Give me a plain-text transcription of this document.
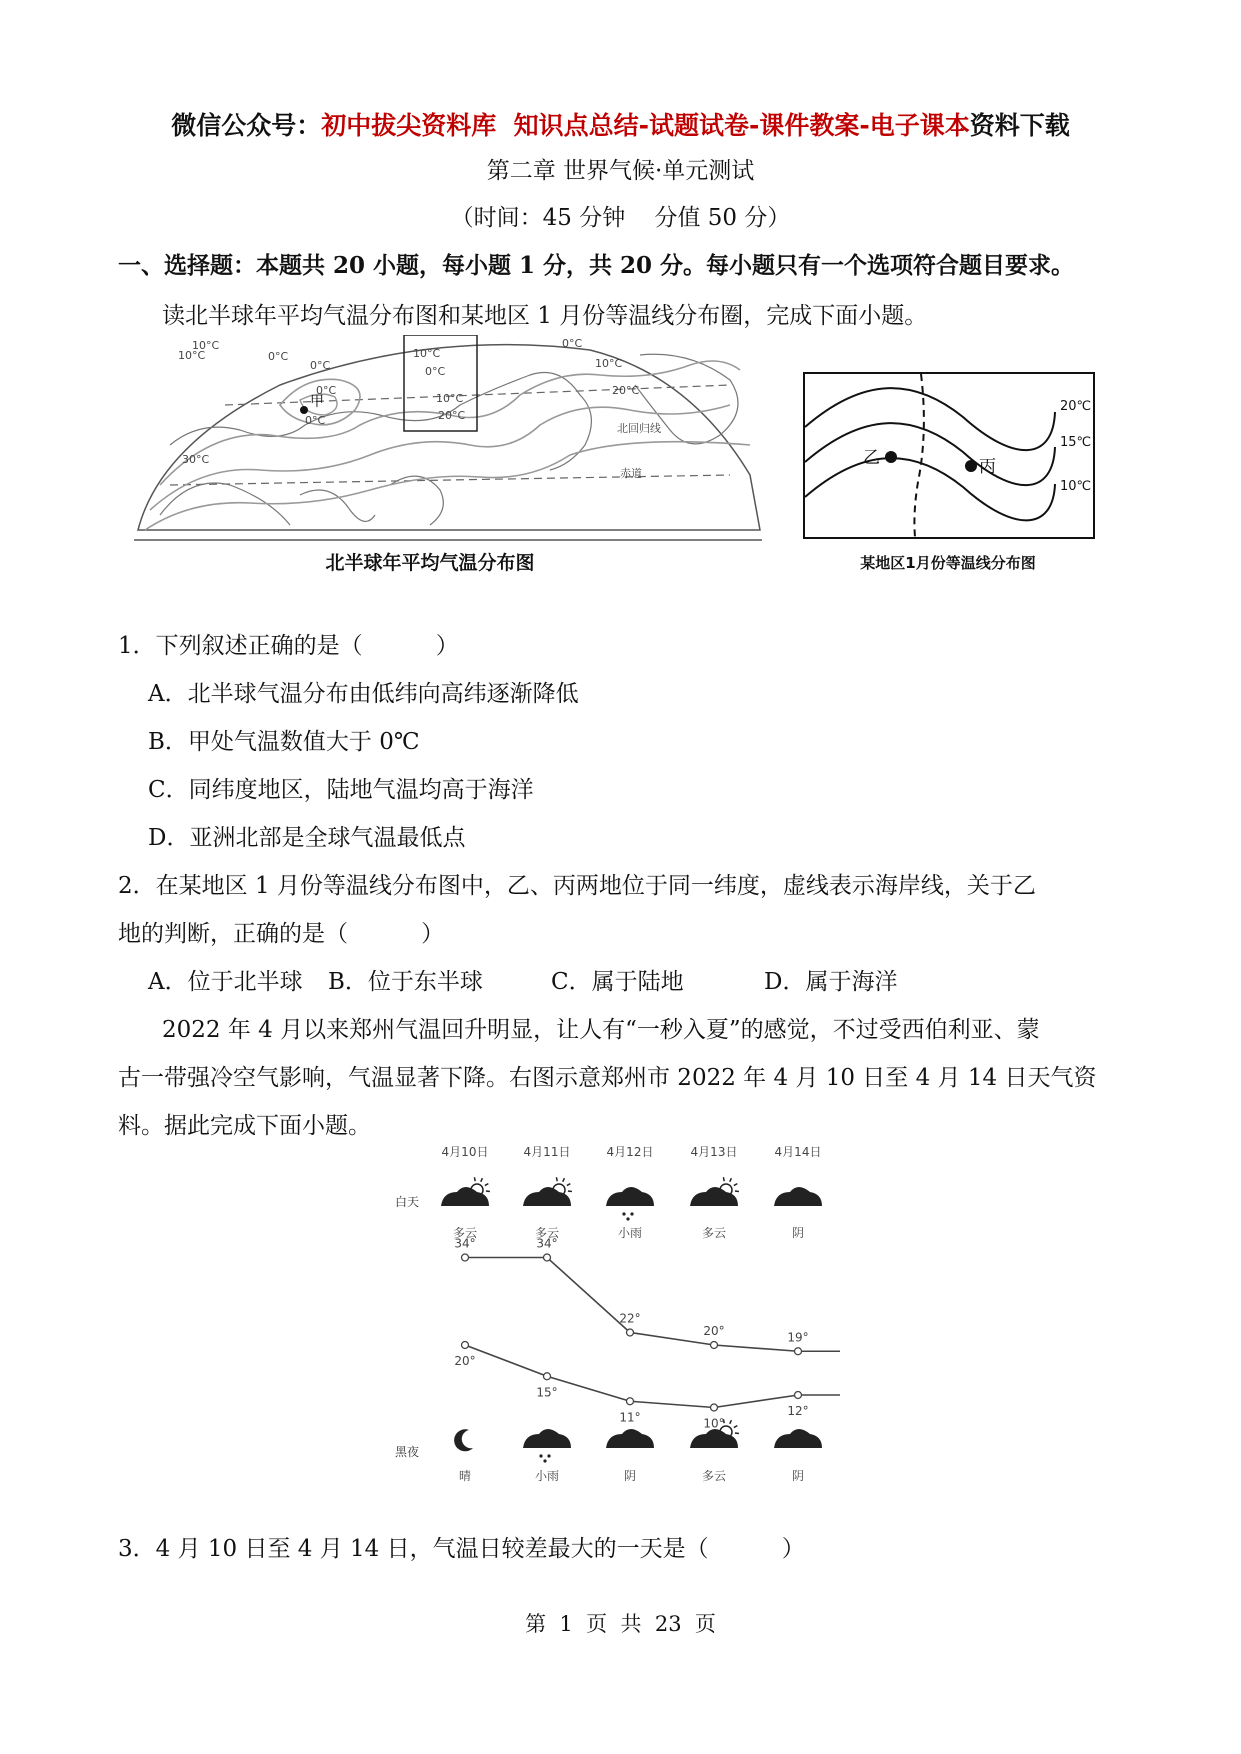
微信公众号：初中拔尖资料库  知识点总结-试题试卷-课件教案-电子课本资料下载
第二章 世界气候·单元测试
（时间：45 分钟    分值 50 分）
一、选择题：本题共 20 小题，每小题 1 分，共 20 分。每小题只有一个选项符合题目要求。
读北半球年平均气温分布图和某地区 1 月份等温线分布圈，完成下面小题。
10°C
0°C
10°C
0°C
10°C
0°C
10°C
20°C
0°C
甲
0°C
20°C
30°C
北回归线
赤道
0°C	10°C
北半球年平均气温分布图
20℃
15℃
10℃
乙	丙
某地区1月份等温线分布图
1．下列叙述正确的是（          ）
A．北半球气温分布由低纬向高纬逐渐降低
B．甲处气温数值大于 0℃
C．同纬度地区，陆地气温均高于海洋
D．亚洲北部是全球气温最低点
2．在某地区 1 月份等温线分布图中，乙、丙两地位于同一纬度，虚线表示海岸线，关于乙
地的判断，正确的是（          ）
A．位于北半球 B．位于东半球	C．属于陆地	D．属于海洋
2022 年 4 月以来郑州气温回升明显，让人有“一秒入夏”的感觉，不过受西伯利亚、蒙
古一带强冷空气影响，气温显著下降。右图示意郑州市 2022 年 4 月 10 日至 4 月 14 日天气资
料。据此完成下面小题。
白天
黑夜
4月10日
多云
晴
4月11日
多云
小雨
4月12日
小雨
阴
4月13日
多云
多云
4月14日
阴
阴
34°	34°
22°
20°	19°
20°
15°
11°	10°
12°
3．4 月 10 日至 4 月 14 日，气温日较差最大的一天是（          ）
第  1  页  共  23  页
